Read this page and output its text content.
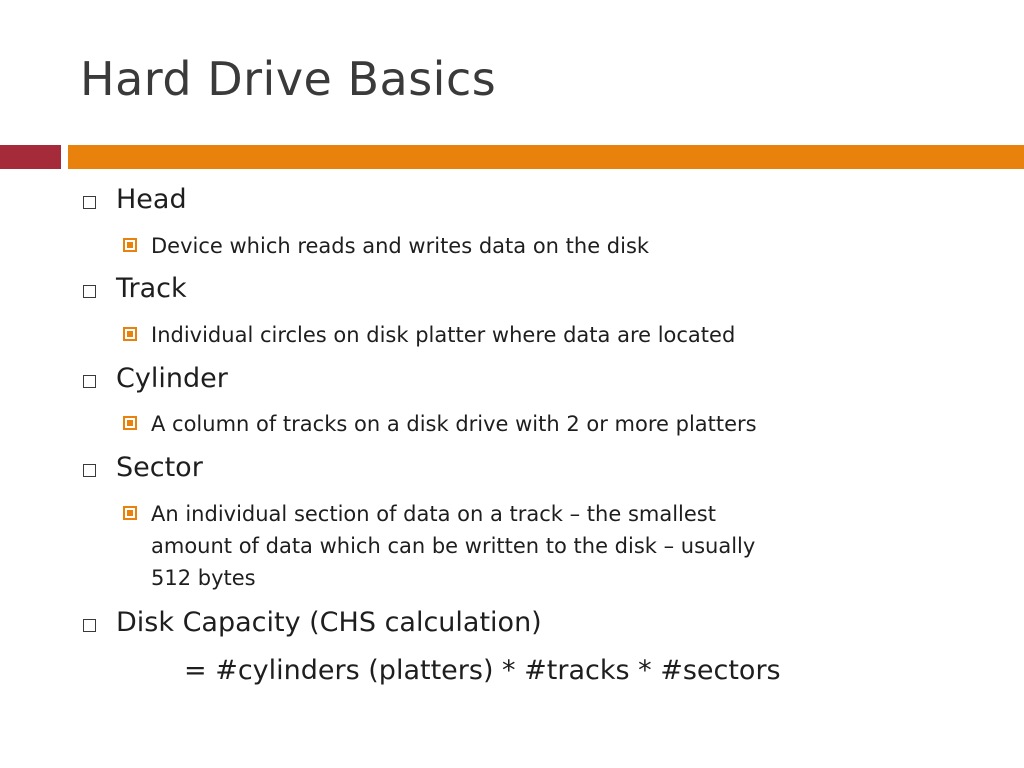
Hard Drive Basics
Head
Device which reads and writes data on the disk
Track
Individual circles on disk platter where data are located
Cylinder
A column of tracks on a disk drive with 2 or more platters
Sector
An individual section of data on a track – the smallest
amount of data which can be written to the disk – usually
512 bytes
Disk Capacity (CHS calculation)
= #cylinders (platters) * #tracks * #sectors
